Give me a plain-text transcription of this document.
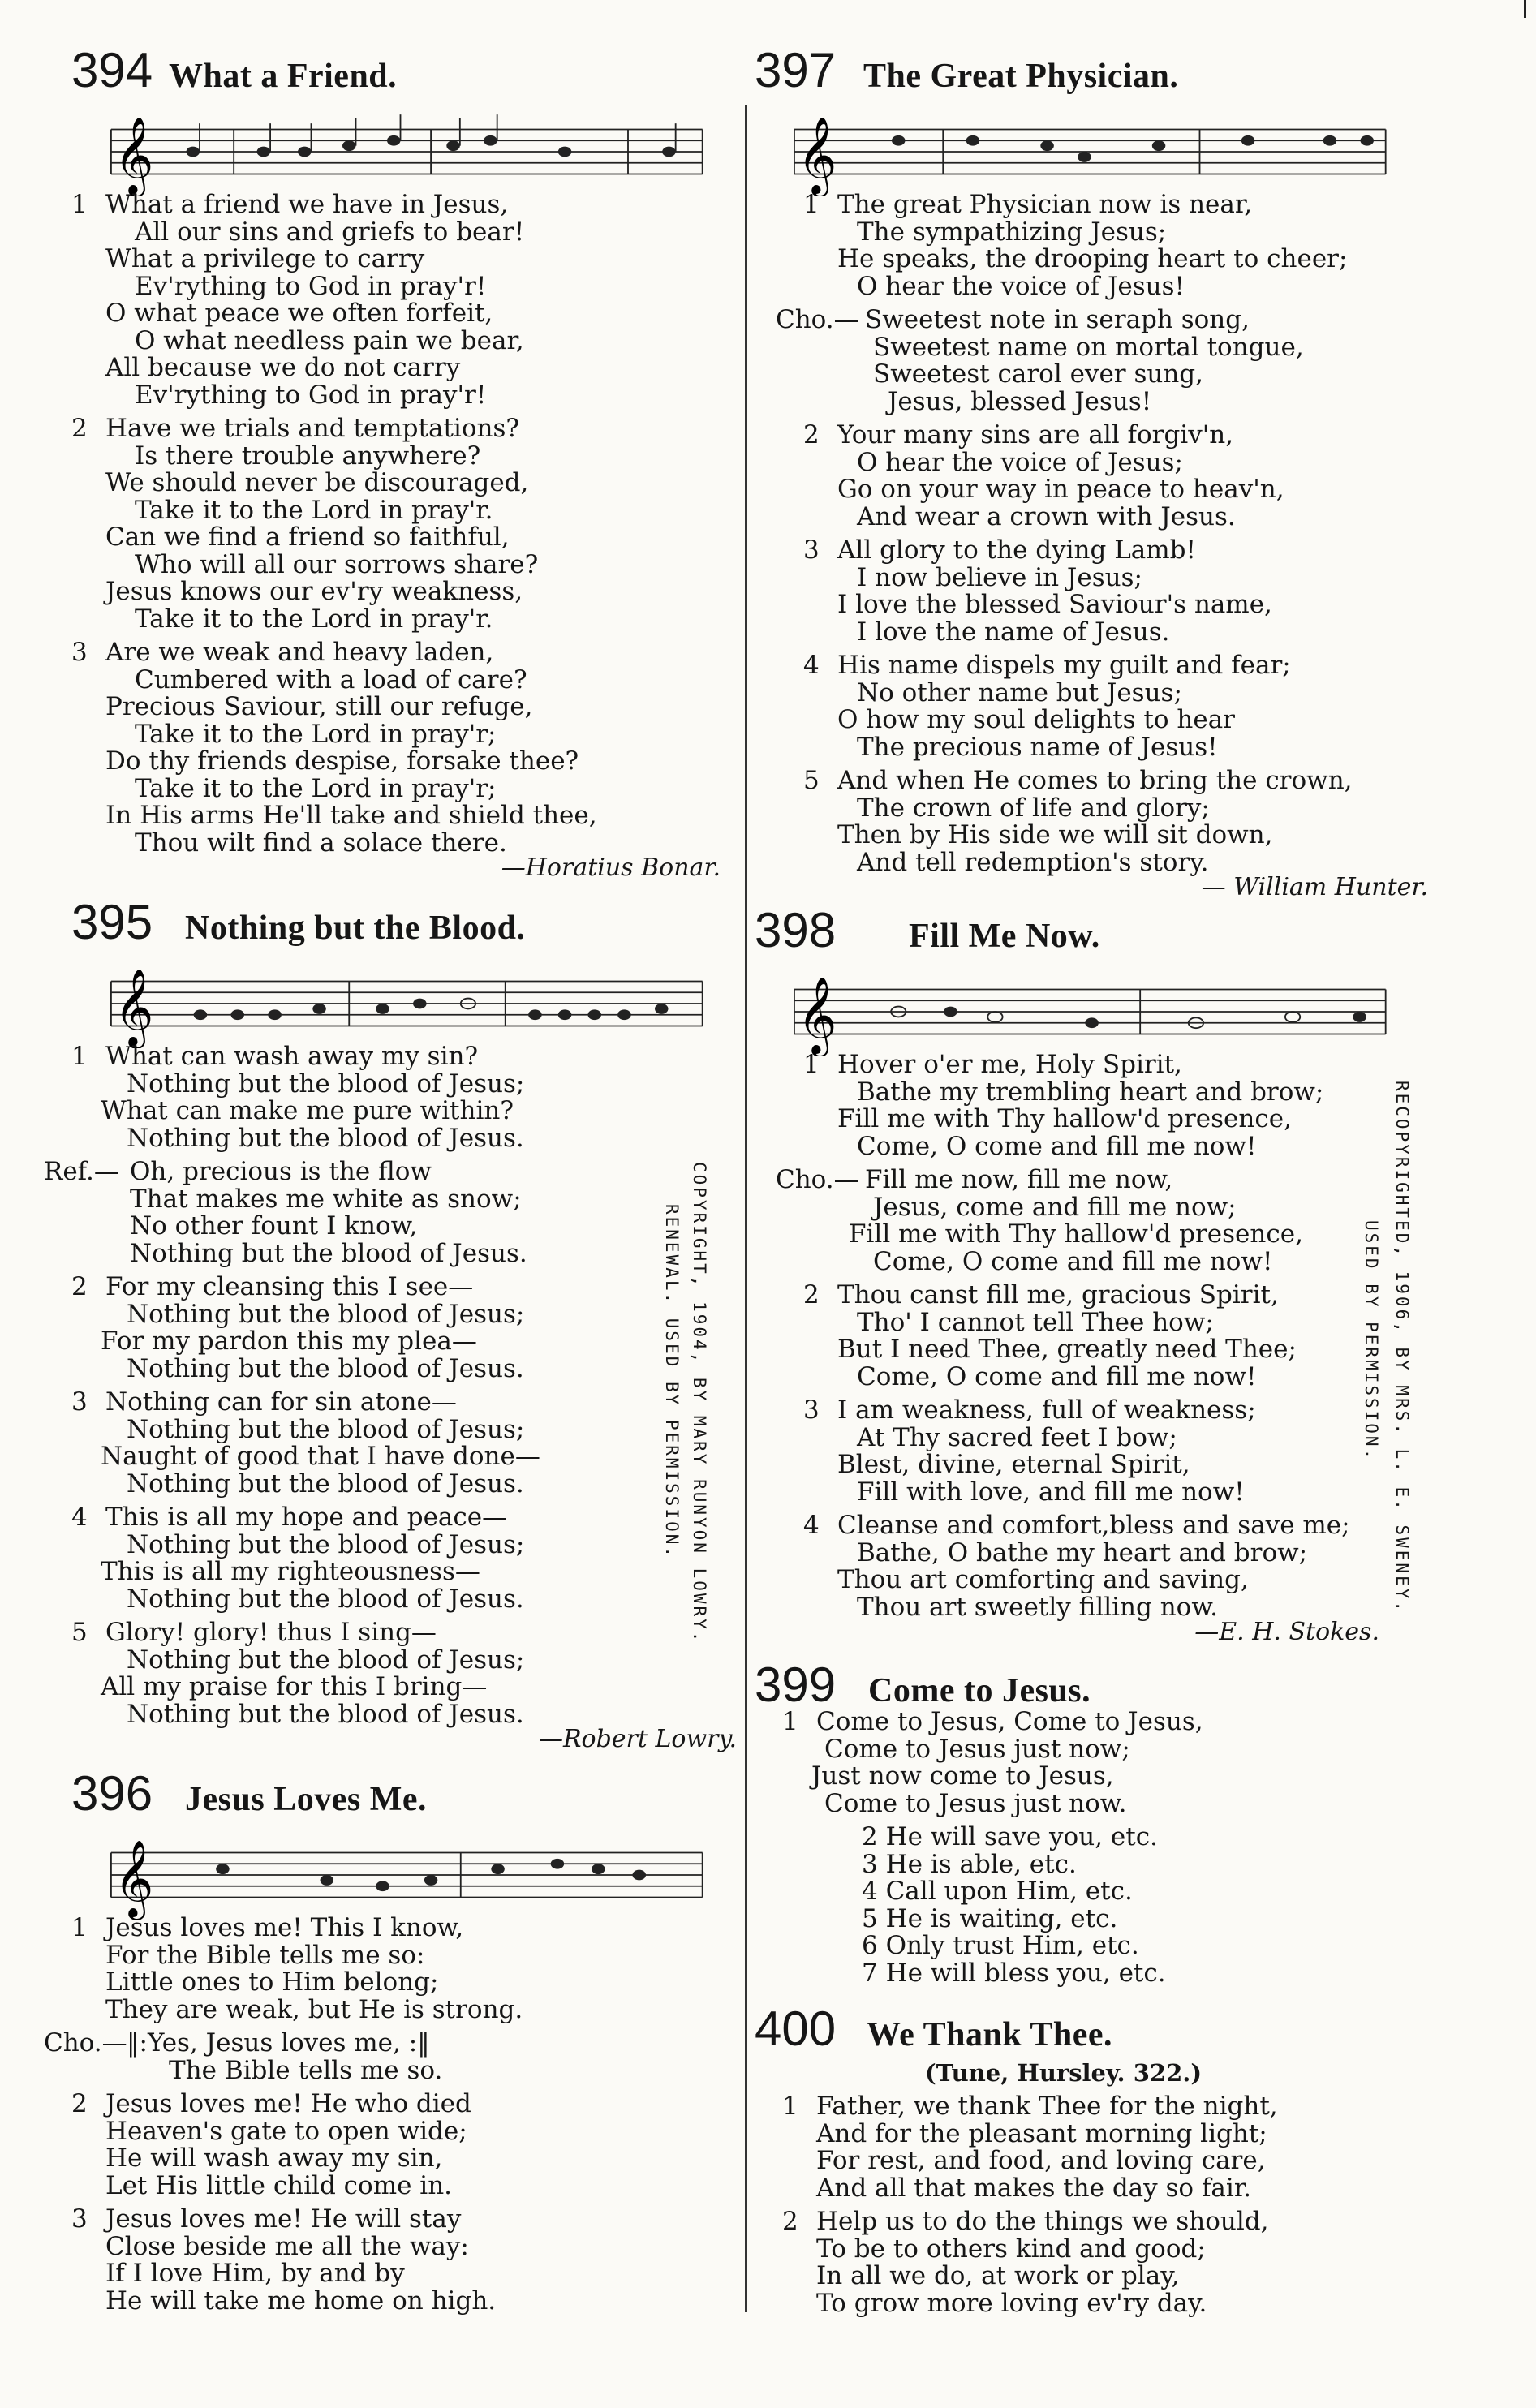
394 What a Friend.
𝄞
1 What a friend we have in Jesus,
All our sins and griefs to bear!
What a privilege to carry
Ev'rything to God in pray'r!
O what peace we often forfeit,
O what needless pain we bear,
All because we do not carry
Ev'rything to God in pray'r!
2 Have we trials and temptations?
Is there trouble anywhere?
We should never be discouraged,
Take it to the Lord in pray'r.
Can we find a friend so faithful,
Who will all our sorrows share?
Jesus knows our ev'ry weakness,
Take it to the Lord in pray'r.
3 Are we weak and heavy laden,
Cumbered with a load of care?
Precious Saviour, still our refuge,
Take it to the Lord in pray'r;
Do thy friends despise, forsake thee?
Take it to the Lord in pray'r;
In His arms He'll take and shield thee,
Thou wilt find a solace there.
—Horatius Bonar.
395 Nothing but the Blood.
𝄞
1 What can wash away my sin?
Nothing but the blood of Jesus;
What can make me pure within?
Nothing but the blood of Jesus.
Ref.— Oh, precious is the flow
That makes me white as snow;
No other fount I know,
Nothing but the blood of Jesus.
2 For my cleansing this I see—
Nothing but the blood of Jesus;
For my pardon this my plea—
Nothing but the blood of Jesus.
3 Nothing can for sin atone—
Nothing but the blood of Jesus;
Naught of good that I have done—
Nothing but the blood of Jesus.
4 This is all my hope and peace—
Nothing but the blood of Jesus;
This is all my righteousness—
Nothing but the blood of Jesus.
5 Glory! glory! thus I sing—
Nothing but the blood of Jesus;
All my praise for this I bring—
Nothing but the blood of Jesus.
—Robert Lowry.
COPYRIGHT, 1904, BY MARY RUNYON LOWRY.
RENEWAL. USED BY PERMISSION.
396 Jesus Loves Me.
𝄞
1 Jesus loves me! This I know,
For the Bible tells me so:
Little ones to Him belong;
They are weak, but He is strong.
Cho.—‖:Yes, Jesus loves me, :‖
The Bible tells me so.
2 Jesus loves me! He who died
Heaven's gate to open wide;
He will wash away my sin,
Let His little child come in.
3 Jesus loves me! He will stay
Close beside me all the way:
If I love Him, by and by
He will take me home on high.
397 The Great Physician.
𝄞
1 The great Physician now is near,
The sympathizing Jesus;
He speaks, the drooping heart to cheer;
O hear the voice of Jesus!
Cho.— Sweetest note in seraph song,
Sweetest name on mortal tongue,
Sweetest carol ever sung,
Jesus, blessed Jesus!
2 Your many sins are all forgiv'n,
O hear the voice of Jesus;
Go on your way in peace to heav'n,
And wear a crown with Jesus.
3 All glory to the dying Lamb!
I now believe in Jesus;
I love the blessed Saviour's name,
I love the name of Jesus.
4 His name dispels my guilt and fear;
No other name but Jesus;
O how my soul delights to hear
The precious name of Jesus!
5 And when He comes to bring the crown,
The crown of life and glory;
Then by His side we will sit down,
And tell redemption's story.
— William Hunter.
398	Fill Me Now.
𝄞
1 Hover o'er me, Holy Spirit,
Bathe my trembling heart and brow;
Fill me with Thy hallow'd presence,
Come, O come and fill me now!
Cho.— Fill me now, fill me now,
Jesus, come and fill me now;
Fill me with Thy hallow'd presence,
Come, O come and fill me now!
2 Thou canst fill me, gracious Spirit,
Tho' I cannot tell Thee how;
But I need Thee, greatly need Thee;
Come, O come and fill me now!
3 I am weakness, full of weakness;
At Thy sacred feet I bow;
Blest, divine, eternal Spirit,
Fill with love, and fill me now!
4 Cleanse and comfort,bless and save me;
Bathe, O bathe my heart and brow;
Thou art comforting and saving,
Thou art sweetly filling now.
—E. H. Stokes.
RECOPYRIGHTED, 1906, BY MRS. L. E. SWENEY.
USED BY PERMISSION.
399 Come to Jesus.
1 Come to Jesus, Come to Jesus,
Come to Jesus just now;
Just now come to Jesus,
Come to Jesus just now.
2 He will save you, etc.
3 He is able, etc.
4 Call upon Him, etc.
5 He is waiting, etc.
6 Only trust Him, etc.
7 He will bless you, etc.
400 We Thank Thee.
(Tune, Hursley. 322.)
1 Father, we thank Thee for the night,
And for the pleasant morning light;
For rest, and food, and loving care,
And all that makes the day so fair.
2 Help us to do the things we should,
To be to others kind and good;
In all we do, at work or play,
To grow more loving ev'ry day.
